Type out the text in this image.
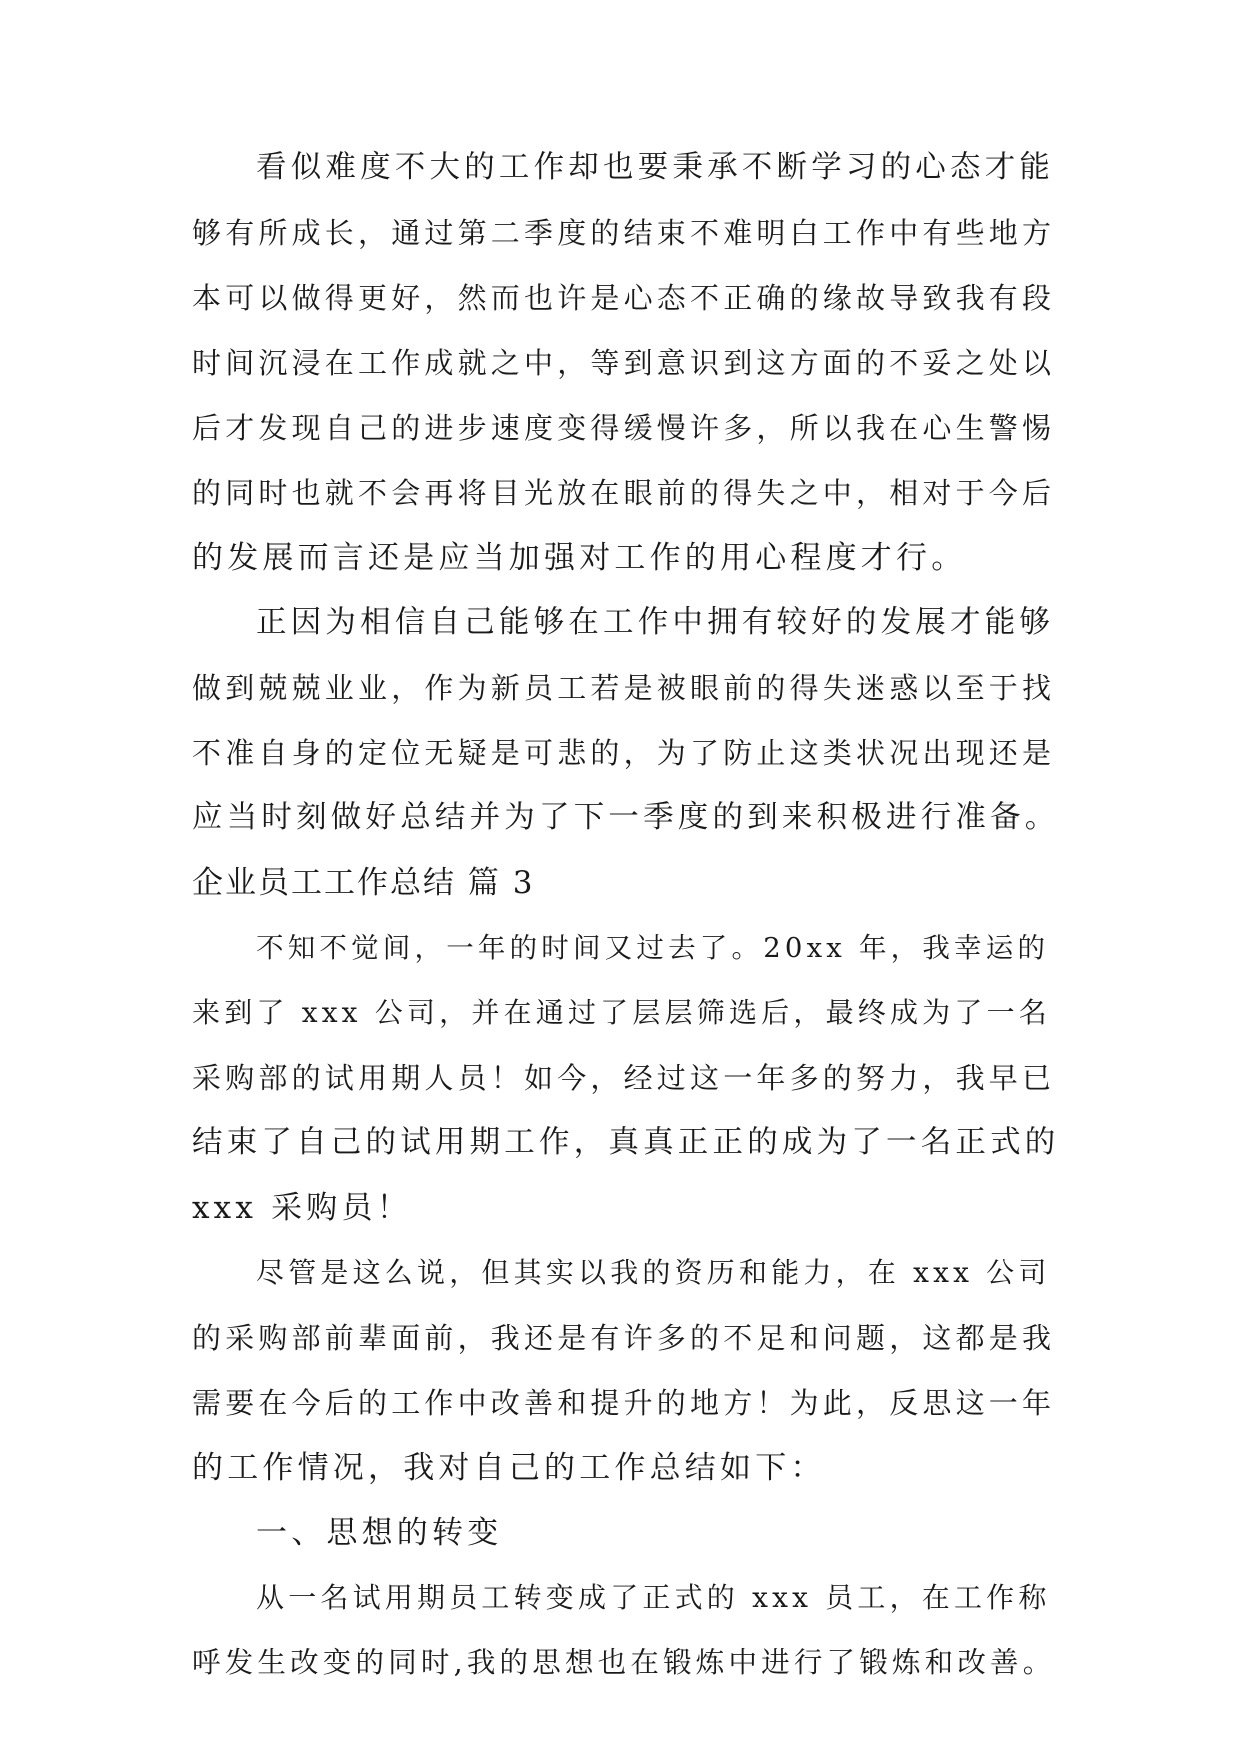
看似难度不大的工作却也要秉承不断学习的心态才能
够有所成长，通过第二季度的结束不难明白工作中有些地方
本可以做得更好，然而也许是心态不正确的缘故导致我有段
时间沉浸在工作成就之中，等到意识到这方面的不妥之处以
后才发现自己的进步速度变得缓慢许多，所以我在心生警惕
的同时也就不会再将目光放在眼前的得失之中，相对于今后
的发展而言还是应当加强对工作的用心程度才行。
正因为相信自己能够在工作中拥有较好的发展才能够
做到兢兢业业，作为新员工若是被眼前的得失迷惑以至于找
不准自身的定位无疑是可悲的，为了防止这类状况出现还是
应当时刻做好总结并为了下一季度的到来积极进行准备。
企业员工工作总结 篇 3
不知不觉间，一年的时间又过去了。20xx 年，我幸运的
来到了 xxx 公司，并在通过了层层筛选后，最终成为了一名
采购部的试用期人员！如今，经过这一年多的努力，我早已
结束了自己的试用期工作，真真正正的成为了一名正式的
xxx 采购员！
尽管是这么说，但其实以我的资历和能力，在 xxx 公司
的采购部前辈面前，我还是有许多的不足和问题，这都是我
需要在今后的工作中改善和提升的地方！为此，反思这一年
的工作情况，我对自己的工作总结如下：
一、思想的转变
从一名试用期员工转变成了正式的 xxx 员工，在工作称
呼发生改变的同时,我的思想也在锻炼中进行了锻炼和改善。
